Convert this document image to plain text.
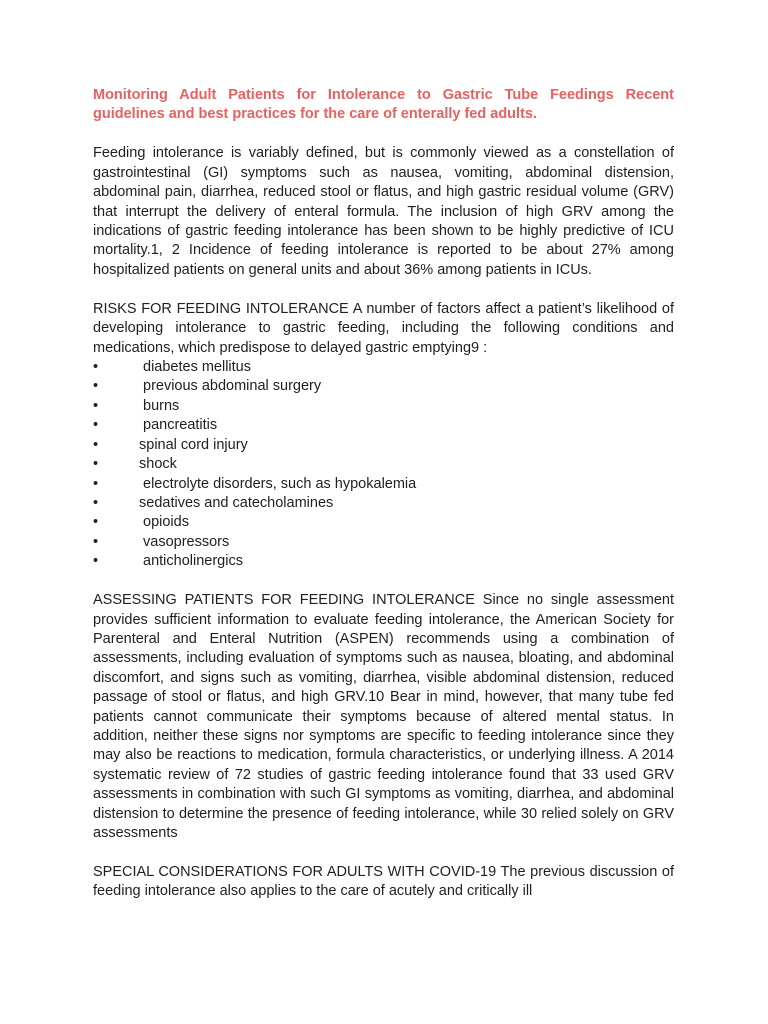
Monitoring Adult Patients for Intolerance to Gastric Tube Feedings Recent guidelines and best practices for the care of enterally fed adults.

Feeding intolerance is variably defined, but is commonly viewed as a constellation of gastrointestinal (GI) symptoms such as nausea, vomiting, abdominal distension, abdominal pain, diarrhea, reduced stool or flatus, and high gastric residual volume (GRV) that interrupt the delivery of enteral formula. The inclusion of high GRV among the indications of gastric feeding intolerance has been shown to be highly predictive of ICU mortality.1, 2 Incidence of feeding intolerance is reported to be about 27% among hospitalized patients on general units and about 36% among patients in ICUs.

RISKS FOR FEEDING INTOLERANCE A number of factors affect a patient’s likelihood of developing intolerance to gastric feeding, including the following conditions and medications, which predispose to delayed gastric emptying9 :

•	diabetes mellitus
•	previous abdominal surgery
•	burns
•	pancreatitis
•	spinal cord injury
•	shock
•	electrolyte disorders, such as hypokalemia
•	sedatives and catecholamines
•	opioids
•	vasopressors
•	anticholinergics

ASSESSING PATIENTS FOR FEEDING INTOLERANCE Since no single assessment provides sufficient information to evaluate feeding intolerance, the American Society for Parenteral and Enteral Nutrition (ASPEN) recommends using a combination of assessments, including evaluation of symptoms such as nausea, bloating, and abdominal discomfort, and signs such as vomiting, diarrhea, visible abdominal distension, reduced passage of stool or flatus, and high GRV.10 Bear in mind, however, that many tube fed patients cannot communicate their symptoms because of altered mental status. In addition, neither these signs nor symptoms are specific to feeding intolerance since they may also be reactions to medication, formula characteristics, or underlying illness. A 2014 systematic review of 72 studies of gastric feeding intolerance found that 33 used GRV assessments in combination with such GI symptoms as vomiting, diarrhea, and abdominal distension to determine the presence of feeding intolerance, while 30 relied solely on GRV assessments

SPECIAL CONSIDERATIONS FOR ADULTS WITH COVID-19 The previous discussion of feeding intolerance also applies to the care of acutely and critically ill
